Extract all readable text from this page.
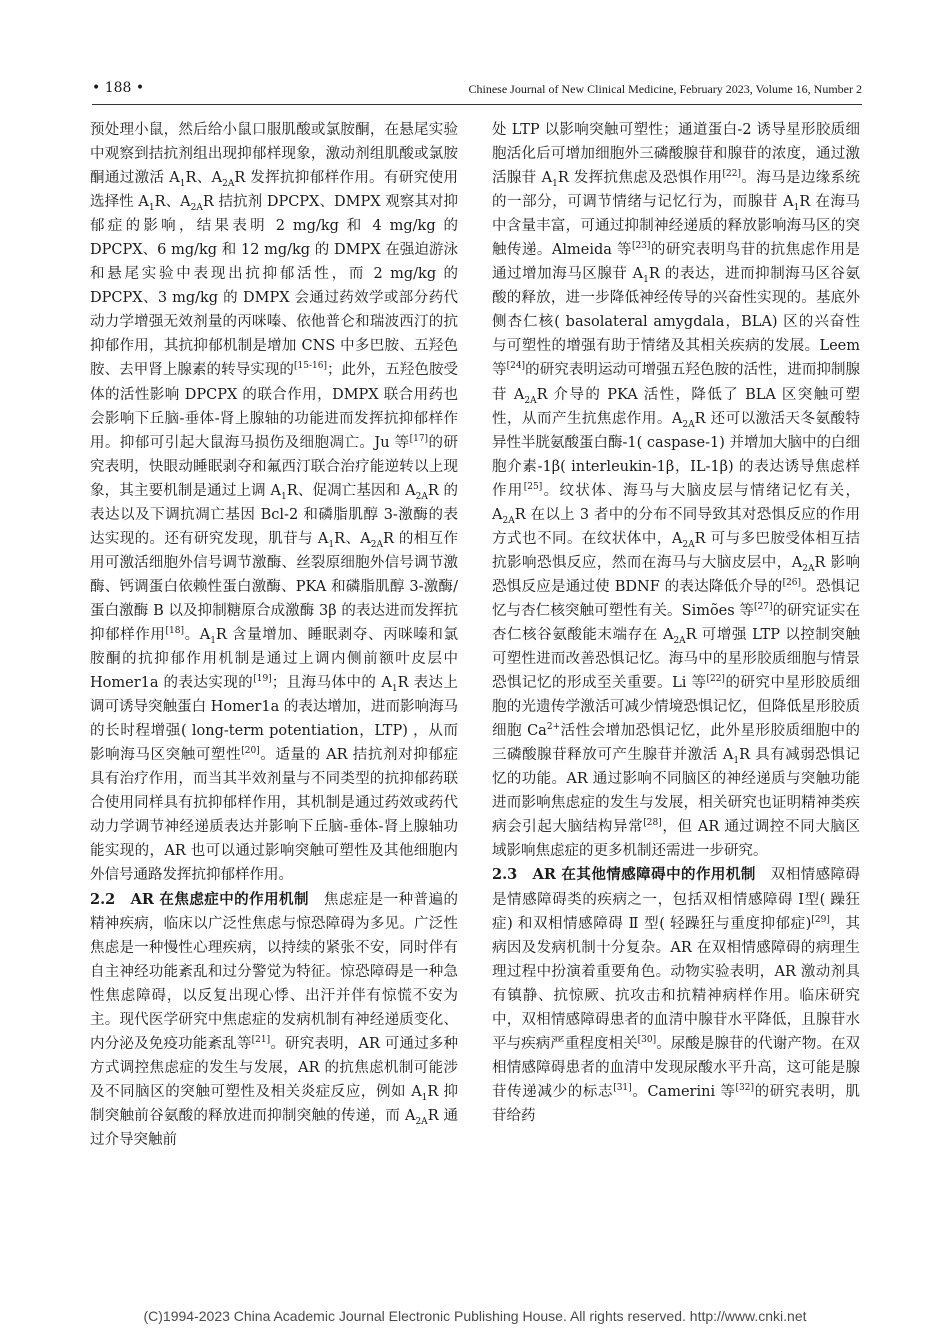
• 188 •	Chinese Journal of New Clinical Medicine, February 2023, Volume 16, Number 2

预处理小鼠，然后给小鼠口服肌酸或氯胺酮，在悬尾实验中观察到拮抗剂组出现抑郁样现象，激动剂组肌酸或氯胺酮通过激活 $A_1R$、$A_{2A}R$ 发挥抗抑郁样作用。有研究使用选择性 $A_1R$、$A_{2A}R$ 拮抗剂 DPCPX、DMPX 观察其对抑郁症的影响，结果表明 2 mg/kg 和 4 mg/kg 的 DPCPX、6 mg/kg 和 12 mg/kg 的 DMPX 在强迫游泳和悬尾实验中表现出抗抑郁活性，而 2 mg/kg 的 DPCPX、3 mg/kg 的 DMPX 会通过药效学或部分药代动力学增强无效剂量的丙咪嗪、依他普仑和瑞波西汀的抗抑郁作用，其抗抑郁机制是增加 CNS 中多巴胺、五羟色胺、去甲肾上腺素的转导实现的[15-16]；此外，五羟色胺受体的活性影响 DPCPX 的联合作用，DMPX 联合用药也会影响下丘脑-垂体-肾上腺轴的功能进而发挥抗抑郁样作用。抑郁可引起大鼠海马损伤及细胞凋亡。Ju 等[17]的研究表明，快眼动睡眠剥夺和氟西汀联合治疗能逆转以上现象，其主要机制是通过上调 $A_1R$、促凋亡基因和 $A_{2A}R$ 的表达以及下调抗凋亡基因 Bcl-2 和磷脂肌醇 3-激酶的表达实现的。还有研究发现，肌苷与 $A_1R$、$A_{2A}R$ 的相互作用可激活细胞外信号调节激酶、丝裂原细胞外信号调节激酶、钙调蛋白依赖性蛋白激酶、PKA 和磷脂肌醇 3-激酶/蛋白激酶 B 以及抑制糖原合成激酶 3β 的表达进而发挥抗抑郁样作用[18]。$A_1R$ 含量增加、睡眠剥夺、丙咪嗪和氯胺酮的抗抑郁作用机制是通过上调内侧前额叶皮层中 Homer1a 的表达实现的[19]；且海马体中的 $A_1R$ 表达上调可诱导突触蛋白 Homer1a 的表达增加，进而影响海马的长时程增强( long-term potentiation，LTP) ，从而影响海马区突触可塑性[20]。适量的 AR 拮抗剂对抑郁症具有治疗作用，而当其半效剂量与不同类型的抗抑郁药联合使用同样具有抗抑郁样作用，其机制是通过药效或药代动力学调节神经递质表达并影响下丘脑-垂体-肾上腺轴功能实现的，AR 也可以通过影响突触可塑性及其他细胞内外信号通路发挥抗抑郁样作用。

2.2　AR 在焦虑症中的作用机制　焦虑症是一种普遍的精神疾病，临床以广泛性焦虑与惊恐障碍为多见。广泛性焦虑是一种慢性心理疾病，以持续的紧张不安，同时伴有自主神经功能紊乱和过分警觉为特征。惊恐障碍是一种急性焦虑障碍，以反复出现心悸、出汗并伴有惊慌不安为主。现代医学研究中焦虑症的发病机制有神经递质变化、内分泌及免疫功能紊乱等[21]。研究表明，AR 可通过多种方式调控焦虑症的发生与发展，AR 的抗焦虑机制可能涉及不同脑区的突触可塑性及相关炎症反应，例如 $A_1R$ 抑制突触前谷氨酸的释放进而抑制突触的传递，而 $A_{2A}R$ 通过介导突触前

处 LTP 以影响突触可塑性；通道蛋白-2 诱导星形胶质细胞活化后可增加细胞外三磷酸腺苷和腺苷的浓度，通过激活腺苷 $A_1R$ 发挥抗焦虑及恐惧作用[22]。海马是边缘系统的一部分，可调节情绪与记忆行为，而腺苷 $A_1R$ 在海马中含量丰富，可通过抑制神经递质的释放影响海马区的突触传递。Almeida 等[23]的研究表明鸟苷的抗焦虑作用是通过增加海马区腺苷 $A_1R$ 的表达，进而抑制海马区谷氨酸的释放，进一步降低神经传导的兴奋性实现的。基底外侧杏仁核( basolateral amygdala，BLA) 区的兴奋性与可塑性的增强有助于情绪及其相关疾病的发展。Leem 等[24]的研究表明运动可增强五羟色胺的活性，进而抑制腺苷 $A_{2A}R$ 介导的 PKA 活性，降低了 BLA 区突触可塑性，从而产生抗焦虑作用。$A_{2A}R$ 还可以激活天冬氨酸特异性半胱氨酸蛋白酶-1( caspase-1) 并增加大脑中的白细胞介素-1β( interleukin-1β，IL-1β) 的表达诱导焦虑样作用[25]。纹状体、海马与大脑皮层与情绪记忆有关，$A_{2A}R$ 在以上 3 者中的分布不同导致其对恐惧反应的作用方式也不同。在纹状体中，$A_{2A}R$ 可与多巴胺受体相互拮抗影响恐惧反应，然而在海马与大脑皮层中，$A_{2A}R$ 影响恐惧反应是通过使 BDNF 的表达降低介导的[26]。恐惧记忆与杏仁核突触可塑性有关。Simões 等[27]的研究证实在杏仁核谷氨酸能末端存在 $A_{2A}R$ 可增强 LTP 以控制突触可塑性进而改善恐惧记忆。海马中的星形胶质细胞与情景恐惧记忆的形成至关重要。Li 等[22]的研究中星形胶质细胞的光遗传学激活可减少情境恐惧记忆，但降低星形胶质细胞 $Ca^{2+}$活性会增加恐惧记忆，此外星形胶质细胞中的三磷酸腺苷释放可产生腺苷并激活 $A_1R$ 具有减弱恐惧记忆的功能。AR 通过影响不同脑区的神经递质与突触功能进而影响焦虑症的发生与发展，相关研究也证明精神类疾病会引起大脑结构异常[28]，但 AR 通过调控不同大脑区域影响焦虑症的更多机制还需进一步研究。

2.3　AR 在其他情感障碍中的作用机制　双相情感障碍是情感障碍类的疾病之一，包括双相情感障碍 Ⅰ型( 躁狂症) 和双相情感障碍 Ⅱ 型( 轻躁狂与重度抑郁症)[29]，其病因及发病机制十分复杂。AR 在双相情感障碍的病理生理过程中扮演着重要角色。动物实验表明，AR 激动剂具有镇静、抗惊厥、抗攻击和抗精神病样作用。临床研究中，双相情感障碍患者的血清中腺苷水平降低，且腺苷水平与疾病严重程度相关[30]。尿酸是腺苷的代谢产物。在双相情感障碍患者的血清中发现尿酸水平升高，这可能是腺苷传递减少的标志[31]。Camerini 等[32]的研究表明，肌苷给药

(C)1994-2023 China Academic Journal Electronic Publishing House. All rights reserved. http://www.cnki.net
